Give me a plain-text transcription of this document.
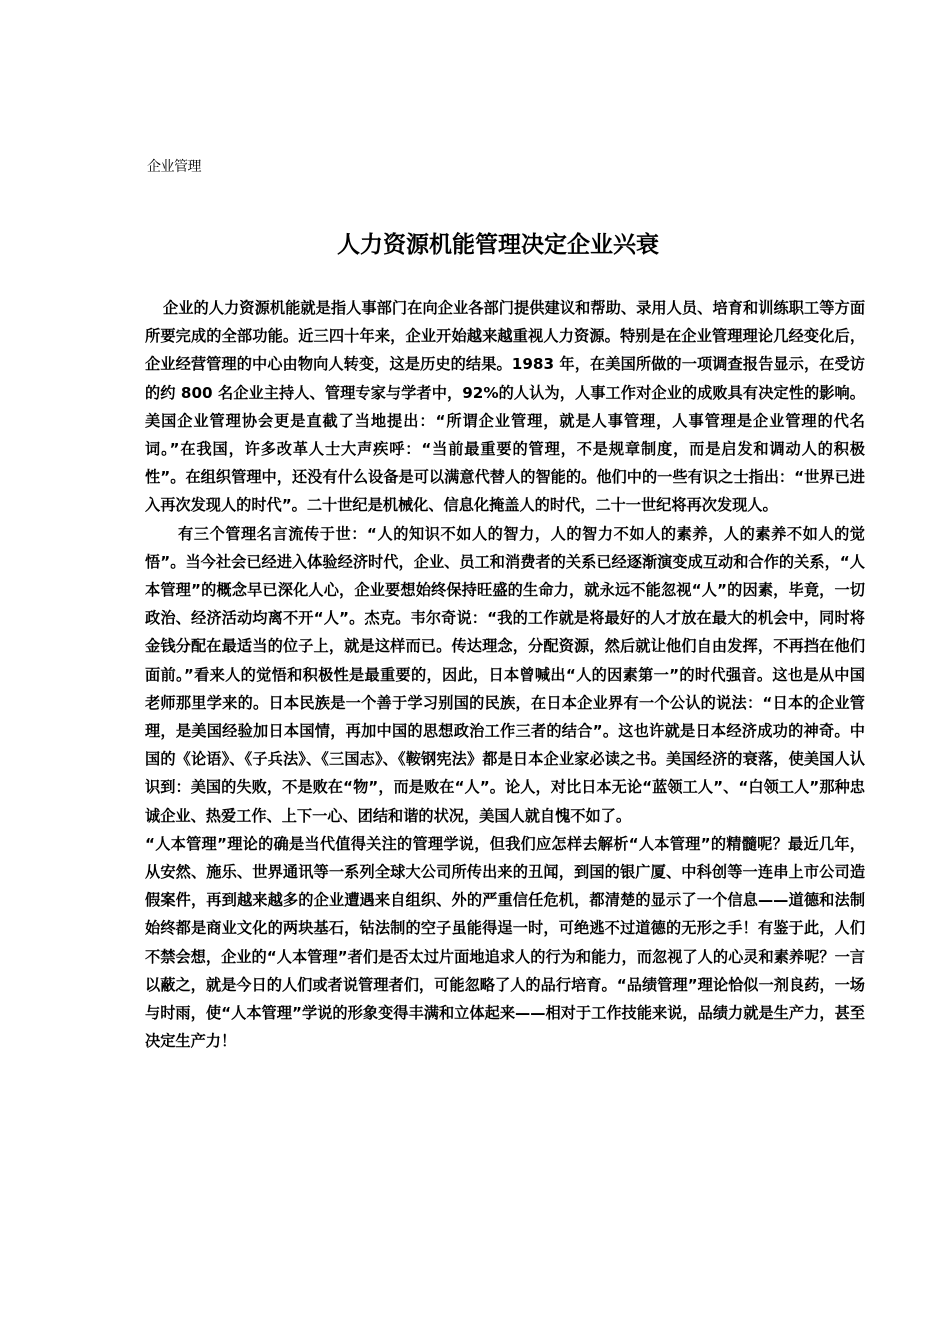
企业管理
人力资源机能管理决定企业兴衰

企业的人力资源机能就是指人事部门在向企业各部门提供建议和帮助、录用人员、培育和训练职工等方面所要完成的全部功能。近三四十年来，企业开始越来越重视人力资源。特别是在企业管理理论几经变化后，企业经营管理的中心由物向人转变，这是历史的结果。1983 年，在美国所做的一项调查报告显示，在受访的约 800 名企业主持人、管理专家与学者中，92%的人认为，人事工作对企业的成败具有决定性的影响。美国企业管理协会更是直截了当地提出：“所谓企业管理，就是人事管理，人事管理是企业管理的代名词。”在我国，许多改革人士大声疾呼：“当前最重要的管理，不是规章制度，而是启发和调动人的积极性”。在组织管理中，还没有什么设备是可以满意代替人的智能的。他们中的一些有识之士指出：“世界已进入再次发现人的时代”。二十世纪是机械化、信息化掩盖人的时代，二十一世纪将再次发现人。

有三个管理名言流传于世：“人的知识不如人的智力，人的智力不如人的素养，人的素养不如人的觉悟”。当今社会已经进入体验经济时代，企业、员工和消费者的关系已经逐渐演变成互动和合作的关系，“人本管理”的概念早已深化人心，企业要想始终保持旺盛的生命力，就永远不能忽视“人”的因素，毕竟，一切政治、经济活动均离不开“人”。杰克。韦尔奇说：“我的工作就是将最好的人才放在最大的机会中，同时将金钱分配在最适当的位子上，就是这样而已。传达理念，分配资源，然后就让他们自由发挥，不再挡在他们面前。”看来人的觉悟和积极性是最重要的，因此，日本曾喊出“人的因素第一”的时代强音。这也是从中国老师那里学来的。日本民族是一个善于学习别国的民族，在日本企业界有一个公认的说法：“日本的企业管理，是美国经验加日本国情，再加中国的思想政治工作三者的结合”。这也许就是日本经济成功的神奇。中国的《论语》、《子兵法》、《三国志》、《鞍钢宪法》都是日本企业家必读之书。美国经济的衰落，使美国人认识到：美国的失败，不是败在“物”，而是败在“人”。论人，对比日本无论“蓝领工人”、“白领工人”那种忠诚企业、热爱工作、上下一心、团结和谐的状况，美国人就自愧不如了。

“人本管理”理论的确是当代值得关注的管理学说，但我们应怎样去解析“人本管理”的精髓呢？最近几年，从安然、施乐、世界通讯等一系列全球大公司所传出来的丑闻，到国的银广厦、中科创等一连串上市公司造假案件，再到越来越多的企业遭遇来自组织、外的严重信任危机，都清楚的显示了一个信息——道德和法制始终都是商业文化的两块基石，钻法制的空子虽能得逞一时，可绝逃不过道德的无形之手！有鉴于此，人们不禁会想，企业的“人本管理”者们是否太过片面地追求人的行为和能力，而忽视了人的心灵和素养呢？一言以蔽之，就是今日的人们或者说管理者们，可能忽略了人的品行培育。“品绩管理”理论恰似一剂良药，一场与时雨，使“人本管理”学说的形象变得丰满和立体起来——相对于工作技能来说，品绩力就是生产力，甚至决定生产力！
